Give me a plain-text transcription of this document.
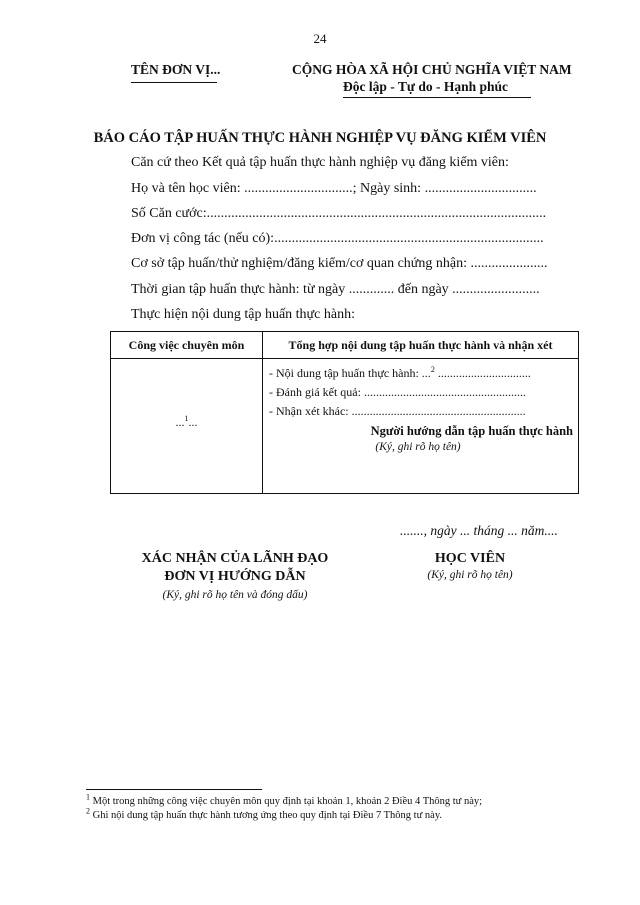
24
TÊN ĐƠN VỊ...	CỘNG HÒA XÃ HỘI CHỦ NGHĨA VIỆT NAM
Độc lập - Tự do - Hạnh phúc
BÁO CÁO TẬP HUẤN THỰC HÀNH NGHIỆP VỤ ĐĂNG KIỂM VIÊN
Căn cứ theo Kết quả tập huấn thực hành nghiệp vụ đăng kiểm viên:
Họ và tên học viên: ...............................; Ngày sinh: ................................
Số Căn cước:.................................................................................................
Đơn vị công tác (nếu có):.............................................................................
Cơ sở tập huấn/thử nghiệm/đăng kiểm/cơ quan chứng nhận: ......................
Thời gian tập huấn thực hành: từ ngày ............. đến ngày .........................
Thực hiện nội dung tập huấn thực hành:
Công việc chuyên môn	Tổng hợp nội dung tập huấn thực hành và nhận xét

...$^1$...	- Nội dung tập huấn thực hành: ...$^2$ ...............................
- Đánh giá kết quả: ......................................................
- Nhận xét khác: ..........................................................
Người hướng dẫn tập huấn thực hành
(Ký, ghi rõ họ tên)
......., ngày ... tháng ... năm....
XÁC NHẬN CỦA LÃNH ĐẠO
ĐƠN VỊ HƯỚNG DẪN
(Ký, ghi rõ họ tên và đóng dấu)
HỌC VIÊN
(Ký, ghi rõ họ tên)
$^1$ Một trong những công việc chuyên môn quy định tại khoản 1, khoản 2 Điều 4 Thông tư này;
$^2$ Ghi nội dung tập huấn thực hành tương ứng theo quy định tại Điều 7 Thông tư này.
